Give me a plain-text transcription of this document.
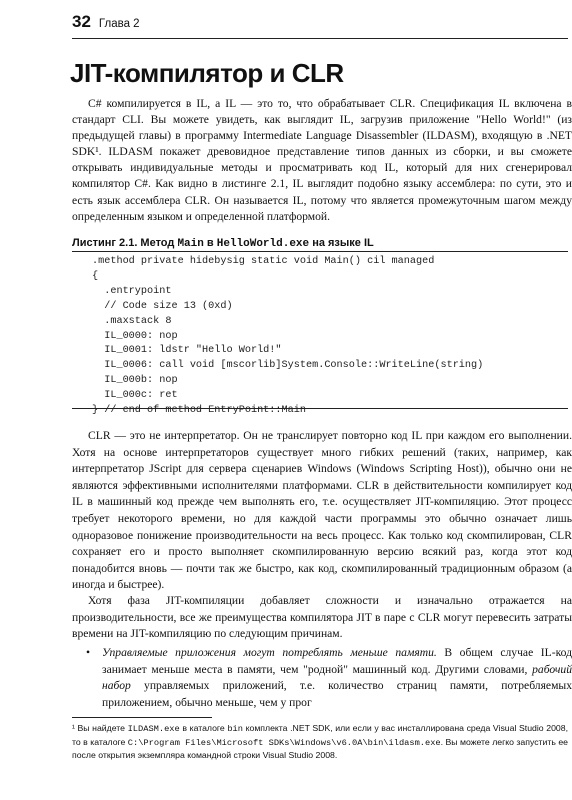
32 Глава 2
JIT-компилятор и CLR

C# компилируется в IL, а IL — это то, что обрабатывает CLR. Спецификация IL включена в стандарт CLI. Вы можете увидеть, как выглядит IL, загрузив приложение "Hello World!" (из предыдущей главы) в программу Intermediate Language Disassembler (ILDASM), входящую в .NET SDK¹. ILDASM покажет древовидное представление типов данных из сборки, и вы сможете открывать индивидуальные методы и просматривать код IL, который для них сгенерировал компилятор C#. Как видно в листинге 2.1, IL выглядит подобно языку ассемблера: по сути, это и есть язык ассемблера CLR. Он называется IL, потому что является промежуточным шагом между определенным языком и определенной платформой.

Листинг 2.1. Метод Main в HelloWorld.exe на языке IL
.method private hidebysig static void Main() cil managed
{
.entrypoint
// Code size 13 (0xd)
.maxstack 8
IL_0000: nop
IL_0001: ldstr "Hello World!"
IL_0006: call void [mscorlib]System.Console::WriteLine(string)
IL_000b: nop
IL_000c: ret
} // end of method EntryPoint::Main

CLR — это не интерпретатор. Он не транслирует повторно код IL при каждом его выполнении. Хотя на основе интерпретаторов существует много гибких решений (таких, например, как интерпретатор JScript для сервера сценариев Windows (Windows Scripting Host)), обычно они не являются эффективными исполнителями платформами. CLR в действительности компилирует код IL в машинный код прежде чем выполнять его, т.е. осуществляет JIT-компиляцию. Этот процесс требует некоторого времени, но для каждой части программы это обычно означает лишь одноразовое понижение производительности на весь процесс. Как только код скомпилирован, CLR сохраняет его и просто выполняет скомпилированную версию всякий раз, когда этот код понадобится вновь — почти так же быстро, как код, скомпилированный традиционным образом (а иногда и быстрее).

Хотя фаза JIT-компиляции добавляет сложности и изначально отражается на производительности, все же преимущества компилятора JIT в паре с CLR могут перевесить затраты времени на JIT-компиляцию по следующим причинам.

•	Управляемые приложения могут потреблять меньше памяти. В общем случае IL-код занимает меньше места в памяти, чем "родной" машинный код. Другими словами, рабочий набор управляемых приложений, т.е. количество страниц памяти, потребляемых приложением, обычно меньше, чем у прог
¹ Вы найдете ILDASM.exe в каталоге bin комплекта .NET SDK, или если у вас инсталлирована среда Visual Studio 2008, то в каталоге C:\Program Files\Microsoft SDKs\Windows\v6.0A\bin\ildasm.exe. Вы можете легко запустить ее после открытия экземпляра командной строки Visual Studio 2008.
